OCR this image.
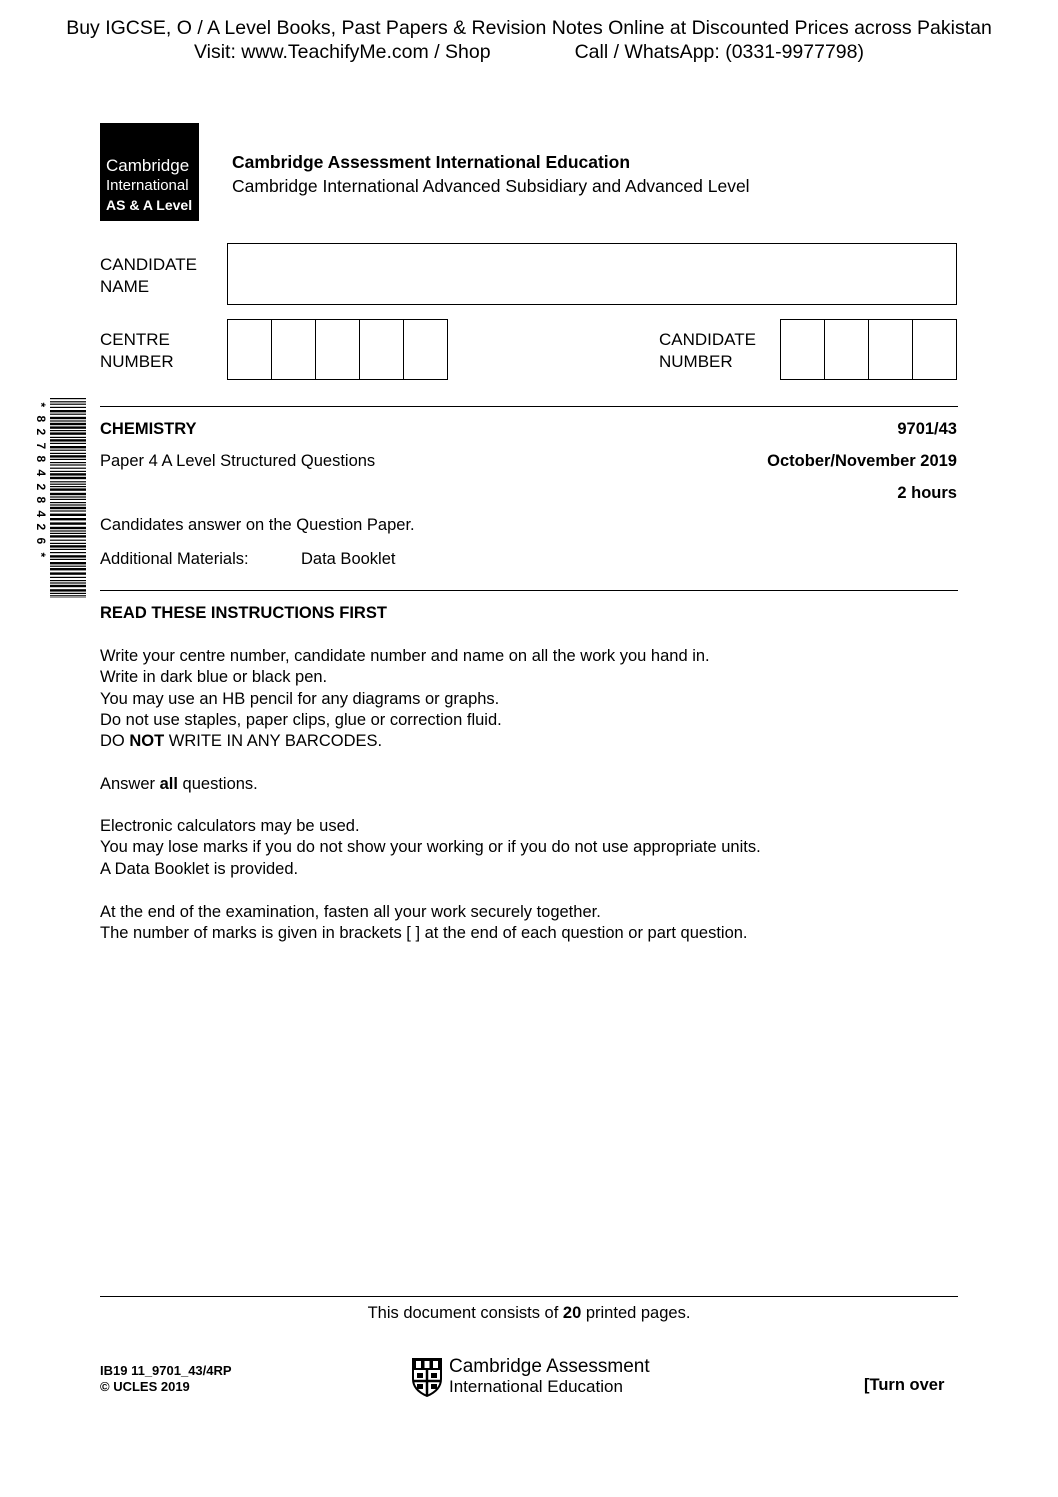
Buy IGCSE, O / A Level Books, Past Papers & Revision Notes Online at Discounted Prices across Pakistan
Visit: www.TeachifyMe.com / Shop	Call / WhatsApp: (0331-9977798)
Cambridge
International
AS & A Level
Cambridge Assessment International Education
Cambridge International Advanced Subsidiary and Advanced Level
CANDIDATE
NAME
CENTRE
NUMBER
CANDIDATE
NUMBER
*
8
2
7
8
4
2
8
4
2
6
*
CHEMISTRY	9701/43
Paper 4 A Level Structured Questions	October/November 2019
2 hours
Candidates answer on the Question Paper.
Additional Materials:	Data Booklet
READ THESE INSTRUCTIONS FIRST
Write your centre number, candidate number and name on all the work you hand in.
Write in dark blue or black pen.
You may use an HB pencil for any diagrams or graphs.
Do not use staples, paper clips, glue or correction fluid.
DO NOT WRITE IN ANY BARCODES.
Answer all questions.
Electronic calculators may be used.
You may lose marks if you do not show your working or if you do not use appropriate units.
A Data Booklet is provided.
At the end of the examination, fasten all your work securely together.
The number of marks is given in brackets [ ] at the end of each question or part question.
This document consists of 20 printed pages.
IB19 11_9701_43/4RP
© UCLES 2019
Cambridge Assessment
International Education	[Turn over
